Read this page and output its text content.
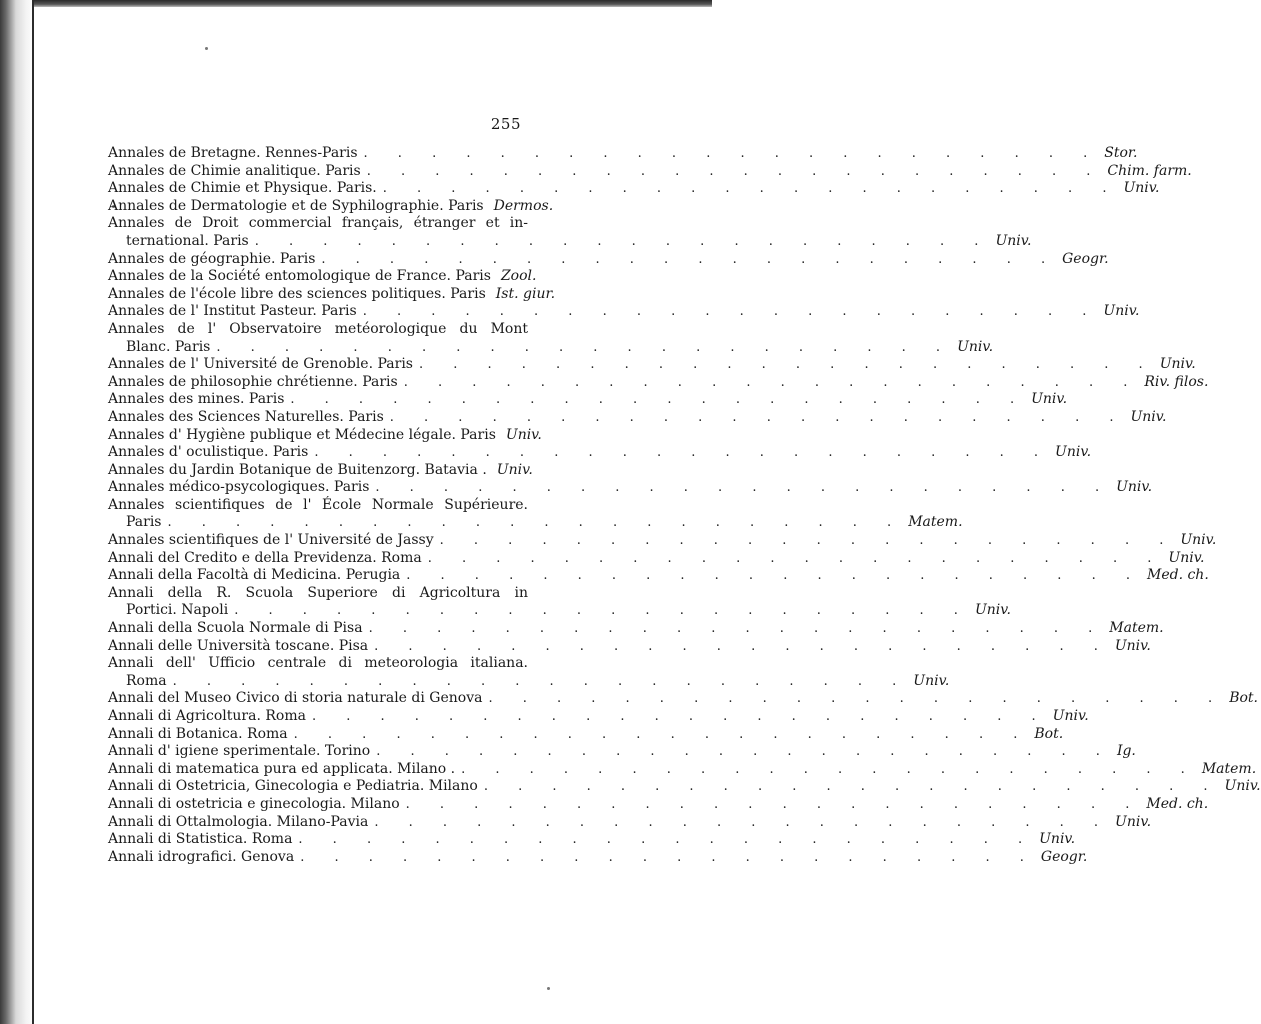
255
Annales de Bretagne. Rennes-Paris . . . . . . . . . . . . . . . . . . . . . . Stor.
Annales de Chimie analitique. Paris . . . . . . . . . . . . . . . . . . . . . . Chim. farm.
Annales de Chimie et Physique. Paris. . . . . . . . . . . . . . . . . . . . . . . Univ.
Annales de Dermatologie et de Syphilographie. Paris Dermos.
Annales de Droit commercial français, étranger et in-
ternational. Paris . . . . . . . . . . . . . . . . . . . . . . Univ.
Annales de géographie. Paris . . . . . . . . . . . . . . . . . . . . . . Geogr.
Annales de la Société entomologique de France. Paris Zool.
Annales de l'école libre des sciences politiques. Paris Ist. giur.
Annales de l' Institut Pasteur. Paris . . . . . . . . . . . . . . . . . . . . . . Univ.
Annales de l' Observatoire metéorologique du Mont
Blanc. Paris . . . . . . . . . . . . . . . . . . . . . . Univ.
Annales de l' Université de Grenoble. Paris . . . . . . . . . . . . . . . . . . . . . . Univ.
Annales de philosophie chrétienne. Paris . . . . . . . . . . . . . . . . . . . . . . Riv. filos.
Annales des mines. Paris . . . . . . . . . . . . . . . . . . . . . . Univ.
Annales des Sciences Naturelles. Paris . . . . . . . . . . . . . . . . . . . . . . Univ.
Annales d' Hygiène publique et Médecine légale. Paris Univ.
Annales d' oculistique. Paris . . . . . . . . . . . . . . . . . . . . . . Univ.
Annales du Jardin Botanique de Buitenzorg. Batavia . Univ.
Annales médico-psycologiques. Paris . . . . . . . . . . . . . . . . . . . . . . Univ.
Annales scientifiques de l' École Normale Supérieure.
Paris . . . . . . . . . . . . . . . . . . . . . . Matem.
Annales scientifiques de l' Université de Jassy . . . . . . . . . . . . . . . . . . . . . . Univ.
Annali del Credito e della Previdenza. Roma . . . . . . . . . . . . . . . . . . . . . . Univ.
Annali della Facoltà di Medicina. Perugia . . . . . . . . . . . . . . . . . . . . . . Med. ch.
Annali della R. Scuola Superiore di Agricoltura in
Portici. Napoli . . . . . . . . . . . . . . . . . . . . . . Univ.
Annali della Scuola Normale di Pisa . . . . . . . . . . . . . . . . . . . . . . Matem.
Annali delle Università toscane. Pisa . . . . . . . . . . . . . . . . . . . . . . Univ.
Annali dell' Ufficio centrale di meteorologia italiana.
Roma . . . . . . . . . . . . . . . . . . . . . . Univ.
Annali del Museo Civico di storia naturale di Genova . . . . . . . . . . . . . . . . . . . . . . Bot.
Annali di Agricoltura. Roma . . . . . . . . . . . . . . . . . . . . . . Univ.
Annali di Botanica. Roma . . . . . . . . . . . . . . . . . . . . . . Bot.
Annali d' igiene sperimentale. Torino . . . . . . . . . . . . . . . . . . . . . . Ig.
Annali di matematica pura ed applicata. Milano . . . . . . . . . . . . . . . . . . . . . . . Matem.
Annali di Ostetricia, Ginecologia e Pediatria. Milano . . . . . . . . . . . . . . . . . . . . . . Univ.
Annali di ostetricia e ginecologia. Milano . . . . . . . . . . . . . . . . . . . . . . Med. ch.
Annali di Ottalmologia. Milano-Pavia . . . . . . . . . . . . . . . . . . . . . . Univ.
Annali di Statistica. Roma . . . . . . . . . . . . . . . . . . . . . . Univ.
Annali idrografici. Genova . . . . . . . . . . . . . . . . . . . . . . Geogr.
